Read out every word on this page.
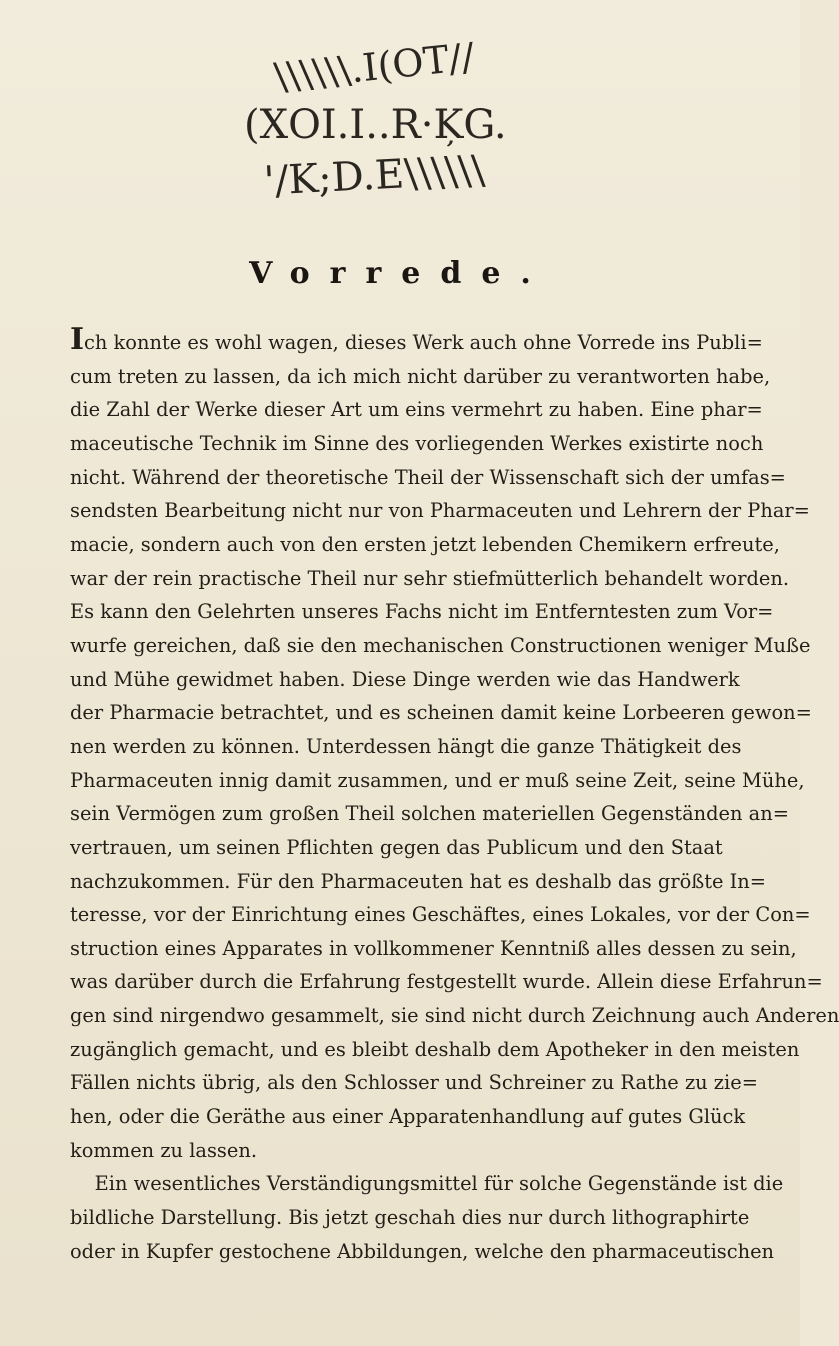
\\\\\\.I(OТ//
(ХOI.I..R·ĶG.
'/K;D.Е\\\\\\
Vorrede.
Ich konnte es wohl wagen, dieses Werk auch ohne Vorrede ins Publi=
cum treten zu lassen, da ich mich nicht darüber zu verantworten habe,
die Zahl der Werke dieser Art um eins vermehrt zu haben. Eine phar=
maceutische Technik im Sinne des vorliegenden Werkes existirte noch
nicht. Während der theoretische Theil der Wissenschaft sich der umfas=
sendsten Bearbeitung nicht nur von Pharmaceuten und Lehrern der Phar=
macie, sondern auch von den ersten jetzt lebenden Chemikern erfreute,
war der rein practische Theil nur sehr stiefmütterlich behandelt worden.
Es kann den Gelehrten unseres Fachs nicht im Entferntesten zum Vor=
wurfe gereichen, daß sie den mechanischen Constructionen weniger Muße
und Mühe gewidmet haben. Diese Dinge werden wie das Handwerk
der Pharmacie betrachtet, und es scheinen damit keine Lorbeeren gewon=
nen werden zu können. Unterdessen hängt die ganze Thätigkeit des
Pharmaceuten innig damit zusammen, und er muß seine Zeit, seine Mühe,
sein Vermögen zum großen Theil solchen materiellen Gegenständen an=
vertrauen, um seinen Pflichten gegen das Publicum und den Staat
nachzukommen. Für den Pharmaceuten hat es deshalb das größte In=
teresse, vor der Einrichtung eines Geschäftes, eines Lokales, vor der Con=
struction eines Apparates in vollkommener Kenntniß alles dessen zu sein,
was darüber durch die Erfahrung festgestellt wurde. Allein diese Erfahrun=
gen sind nirgendwo gesammelt, sie sind nicht durch Zeichnung auch Anderen
zugänglich gemacht, und es bleibt deshalb dem Apotheker in den meisten
Fällen nichts übrig, als den Schlosser und Schreiner zu Rathe zu zie=
hen, oder die Geräthe aus einer Apparatenhandlung auf gutes Glück
kommen zu lassen.
Ein wesentliches Verständigungsmittel für solche Gegenstände ist die
bildliche Darstellung. Bis jetzt geschah dies nur durch lithographirte
oder in Kupfer gestochene Abbildungen, welche den pharmaceutischen
